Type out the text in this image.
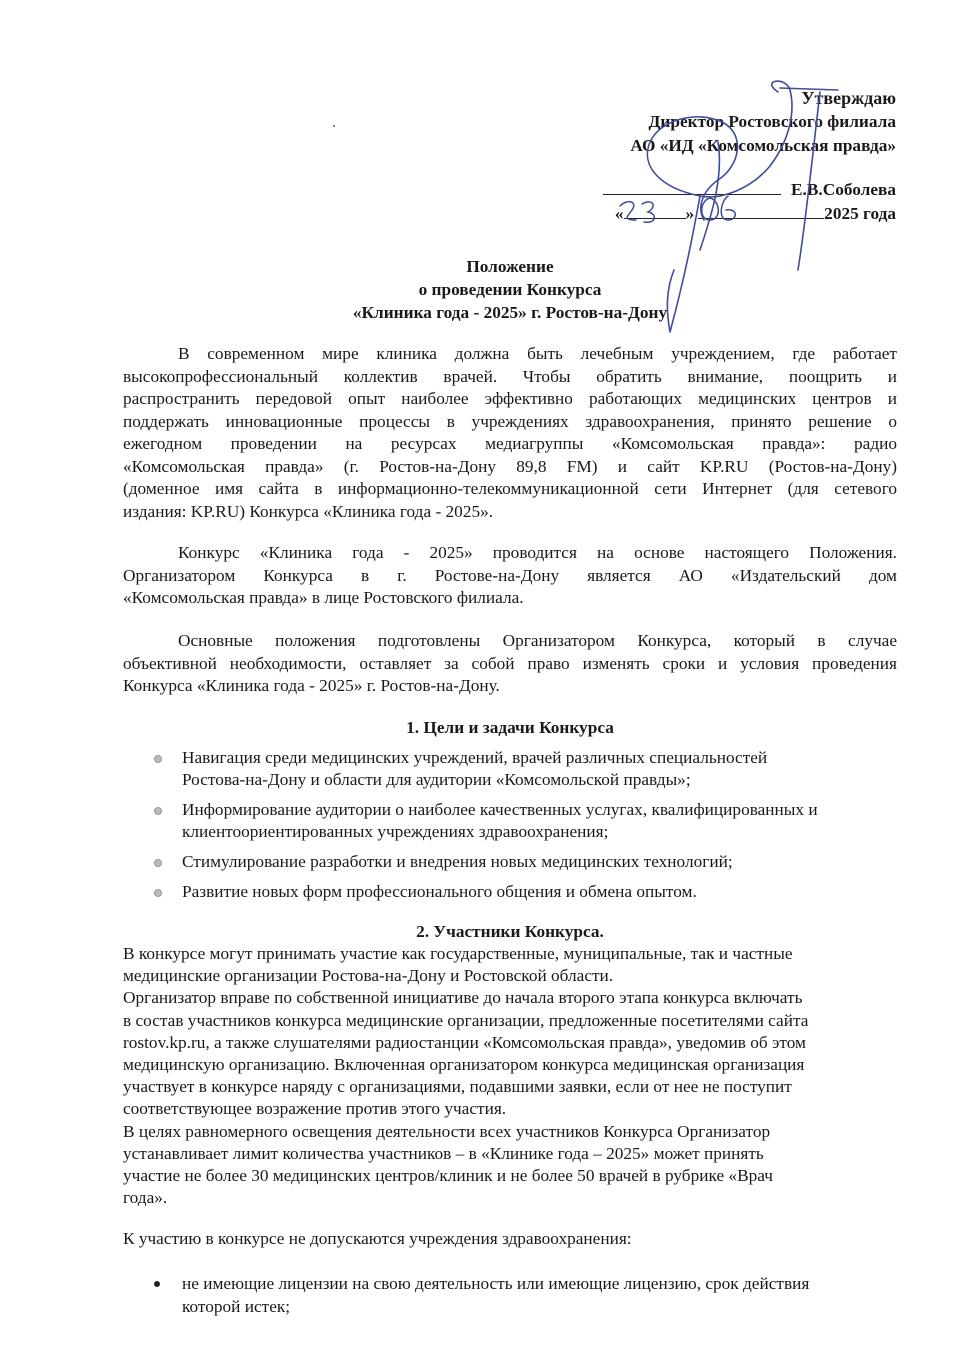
Утверждаю
Директор Ростовского филиала
АО «ИД «Комсомольская правда»
Е.В.Соболева
«	»	2025 года
Положение
о проведении Конкурса
«Клиника года - 2025» г. Ростов-на-Дону
В современном мире клиника должна быть лечебным учреждением, где работает
высокопрофессиональный коллектив врачей. Чтобы обратить внимание, поощрить и
распространить передовой опыт наиболее эффективно работающих медицинских центров и
поддержать инновационные процессы в учреждениях здравоохранения, принято решение о
ежегодном проведении на ресурсах медиагруппы «Комсомольская правда»: радио
«Комсомольская правда» (г. Ростов-на-Дону 89,8 FM) и сайт KP.RU (Ростов-на-Дону)
(доменное имя сайта в информационно-телекоммуникационной сети Интернет (для сетевого
издания: KP.RU) Конкурса «Клиника года - 2025».
Конкурс «Клиника года - 2025» проводится на основе настоящего Положения.
Организатором Конкурса в г. Ростове-на-Дону является АО «Издательский дом
«Комсомольская правда» в лице Ростовского филиала.
Основные положения подготовлены Организатором Конкурса, который в случае
объективной необходимости, оставляет за собой право изменять сроки и условия проведения
Конкурса «Клиника года - 2025» г. Ростов-на-Дону.
1. Цели и задачи Конкурса
Навигация среди медицинских учреждений, врачей различных специальностей
Ростова-на-Дону и области для аудитории «Комсомольской правды»;
Информирование аудитории о наиболее качественных услугах, квалифицированных и
клиентоориентированных учреждениях здравоохранения;
Стимулирование разработки и внедрения новых медицинских технологий;
Развитие новых форм профессионального общения и обмена опытом.
2. Участники Конкурса.
В конкурсе могут принимать участие как государственные, муниципальные, так и частные
медицинские организации Ростова-на-Дону и Ростовской области.
Организатор вправе по собственной инициативе до начала второго этапа конкурса включать
в состав участников конкурса медицинские организации, предложенные посетителями сайта
rostov.kp.ru, а также слушателями радиостанции «Комсомольская правда», уведомив об этом
медицинскую организацию. Включенная организатором конкурса медицинская организация
участвует в конкурсе наряду с организациями, подавшими заявки, если от нее не поступит
соответствующее возражение против этого участия.
В целях равномерного освещения деятельности всех участников Конкурса Организатор
устанавливает лимит количества участников – в «Клинике года – 2025» может принять
участие не более 30 медицинских центров/клиник и не более 50 врачей в рубрике «Врач
года».
К участию в конкурсе не допускаются учреждения здравоохранения:
не имеющие лицензии на свою деятельность или имеющие лицензию, срок действия
которой истек;
